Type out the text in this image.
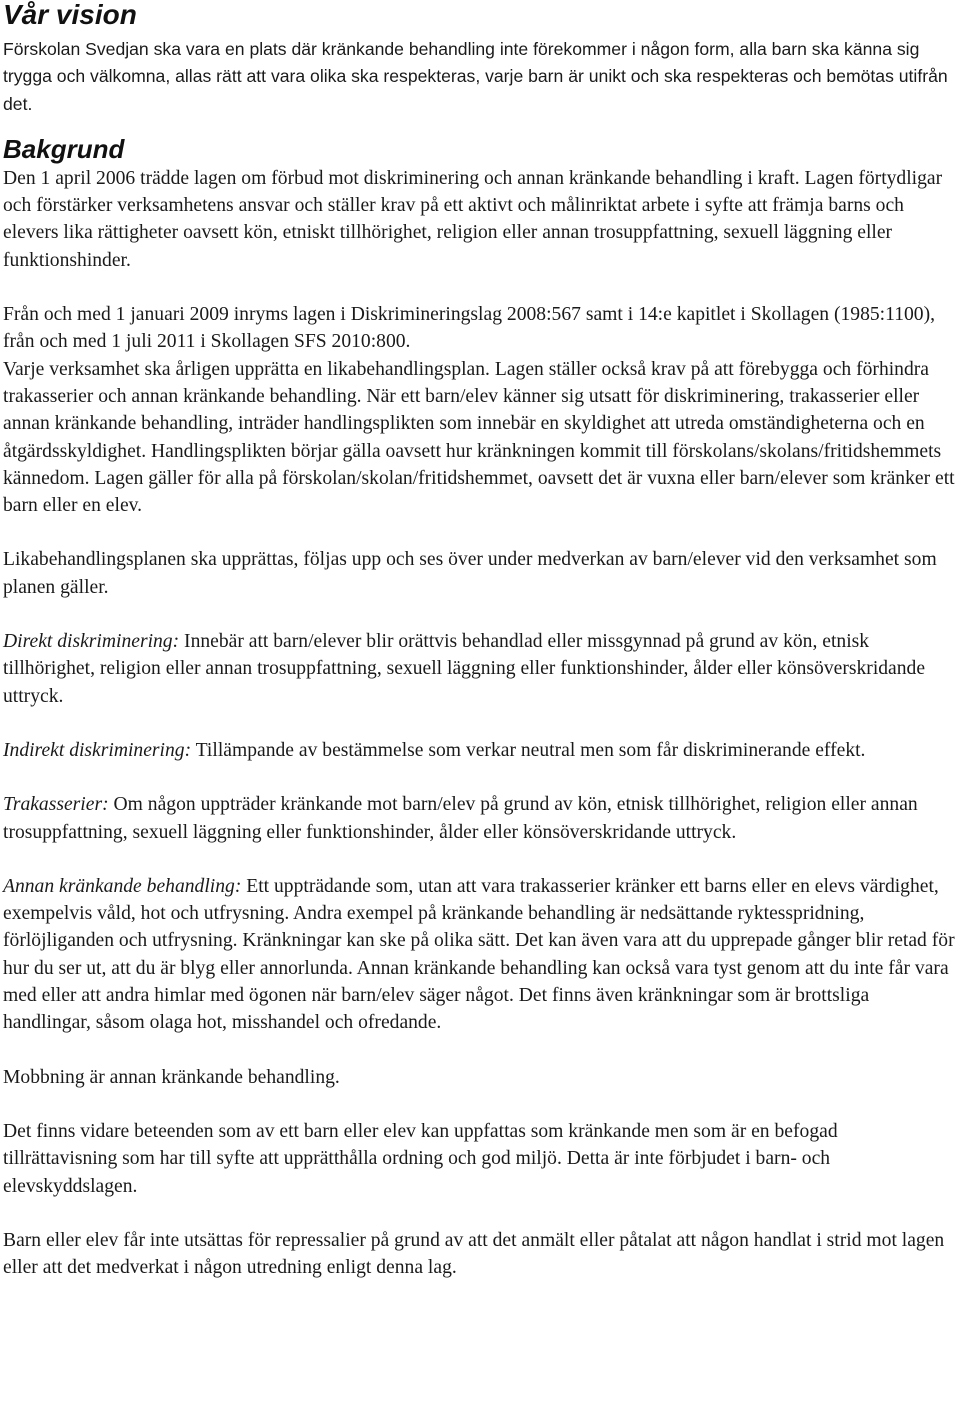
Vår vision

Förskolan Svedjan ska vara en plats där kränkande behandling inte förekommer i någon form, alla barn ska känna sig trygga och välkomna, allas rätt att vara olika ska respekteras, varje barn är unikt och ska respekteras och bemötas utifrån det.

Bakgrund

Den 1 april 2006 trädde lagen om förbud mot diskriminering och annan kränkande behandling i kraft. Lagen förtydligar och förstärker verksamhetens ansvar och ställer krav på ett aktivt och målinriktat arbete i syfte att främja barns och elevers lika rättigheter oavsett kön, etniskt tillhörighet, religion eller annan trosuppfattning, sexuell läggning eller funktionshinder.

Från och med 1 januari 2009 inryms lagen i Diskrimineringslag 2008:567 samt i 14:e kapitlet i Skollagen (1985:1100), från och med 1 juli 2011 i Skollagen SFS 2010:800.

Varje verksamhet ska årligen upprätta en likabehandlingsplan. Lagen ställer också krav på att förebygga och förhindra trakasserier och annan kränkande behandling. När ett barn/elev känner sig utsatt för diskriminering, trakasserier eller annan kränkande behandling, inträder handlingsplikten som innebär en skyldighet att utreda omständigheterna och en åtgärdsskyldighet. Handlingsplikten börjar gälla oavsett hur kränkningen kommit till förskolans/skolans/fritidshemmets kännedom. Lagen gäller för alla på förskolan/skolan/fritidshemmet, oavsett det är vuxna eller barn/elever som kränker ett barn eller en elev.

Likabehandlingsplanen ska upprättas, följas upp och ses över under medverkan av barn/elever vid den verksamhet som planen gäller.

Direkt diskriminering: Innebär att barn/elever blir orättvis behandlad eller missgynnad på grund av kön, etnisk tillhörighet, religion eller annan trosuppfattning, sexuell läggning eller funktionshinder, ålder eller könsöverskridande uttryck.

Indirekt diskriminering: Tillämpande av bestämmelse som verkar neutral men som får diskriminerande effekt.

Trakasserier: Om någon uppträder kränkande mot barn/elev på grund av kön, etnisk tillhörighet, religion eller annan trosuppfattning, sexuell läggning eller funktionshinder, ålder eller könsöverskridande uttryck.

Annan kränkande behandling: Ett uppträdande som, utan att vara trakasserier kränker ett barns eller en elevs värdighet, exempelvis våld, hot och utfrysning. Andra exempel på kränkande behandling är nedsättande ryktesspridning, förlöjliganden och utfrysning. Kränkningar kan ske på olika sätt. Det kan även vara att du upprepade gånger blir retad för hur du ser ut, att du är blyg eller annorlunda. Annan kränkande behandling kan också vara tyst genom att du inte får vara med eller att andra himlar med ögonen när barn/elev säger något. Det finns även kränkningar som är brottsliga handlingar, såsom olaga hot, misshandel och ofredande.

Mobbning är annan kränkande behandling.

Det finns vidare beteenden som av ett barn eller elev kan uppfattas som kränkande men som är en befogad tillrättavisning som har till syfte att upprätthålla ordning och god miljö. Detta är inte förbjudet i barn- och elevskyddslagen.

Barn eller elev får inte utsättas för repressalier på grund av att det anmält eller påtalat att någon handlat i strid mot lagen eller att det medverkat i någon utredning enligt denna lag.
